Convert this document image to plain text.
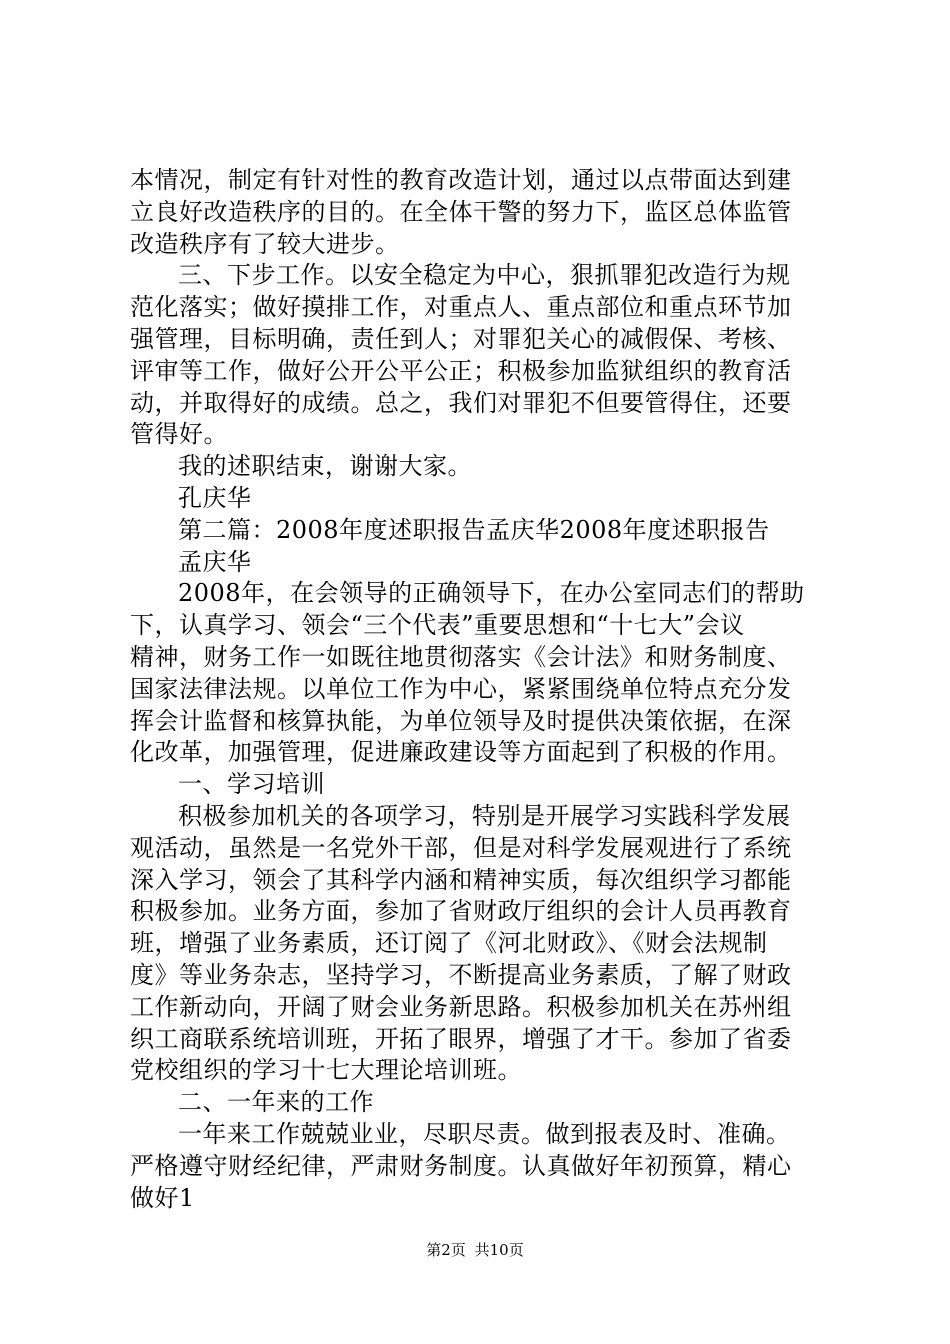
本情况，制定有针对性的教育改造计划，通过以点带面达到建
立良好改造秩序的目的。在全体干警的努力下，监区总体监管
改造秩序有了较大进步。
三、下步工作。以安全稳定为中心，狠抓罪犯改造行为规
范化落实；做好摸排工作，对重点人、重点部位和重点环节加
强管理，目标明确，责任到人；对罪犯关心的减假保、考核、
评审等工作，做好公开公平公正；积极参加监狱组织的教育活
动，并取得好的成绩。总之，我们对罪犯不但要管得住，还要
管得好。
我的述职结束，谢谢大家。
孔庆华
第二篇：2008年度述职报告孟庆华2008年度述职报告
孟庆华
2008年，在会领导的正确领导下，在办公室同志们的帮助
下，认真学习、领会“三个代表”重要思想和“十七大”会议
精神，财务工作一如既往地贯彻落实《会计法》和财务制度、
国家法律法规。以单位工作为中心，紧紧围绕单位特点充分发
挥会计监督和核算执能，为单位领导及时提供决策依据，在深
化改革，加强管理，促进廉政建设等方面起到了积极的作用。
一、学习培训
积极参加机关的各项学习，特别是开展学习实践科学发展
观活动，虽然是一名党外干部，但是对科学发展观进行了系统
深入学习，领会了其科学内涵和精神实质，每次组织学习都能
积极参加。业务方面，参加了省财政厅组织的会计人员再教育
班，增强了业务素质，还订阅了《河北财政》、《财会法规制
度》等业务杂志，坚持学习，不断提高业务素质，了解了财政
工作新动向，开阔了财会业务新思路。积极参加机关在苏州组
织工商联系统培训班，开拓了眼界，增强了才干。参加了省委
党校组织的学习十七大理论培训班。
二、一年来的工作
一年来工作兢兢业业，尽职尽责。做到报表及时、准确。
严格遵守财经纪律，严肃财务制度。认真做好年初预算，精心
做好1
第2页 共10页
